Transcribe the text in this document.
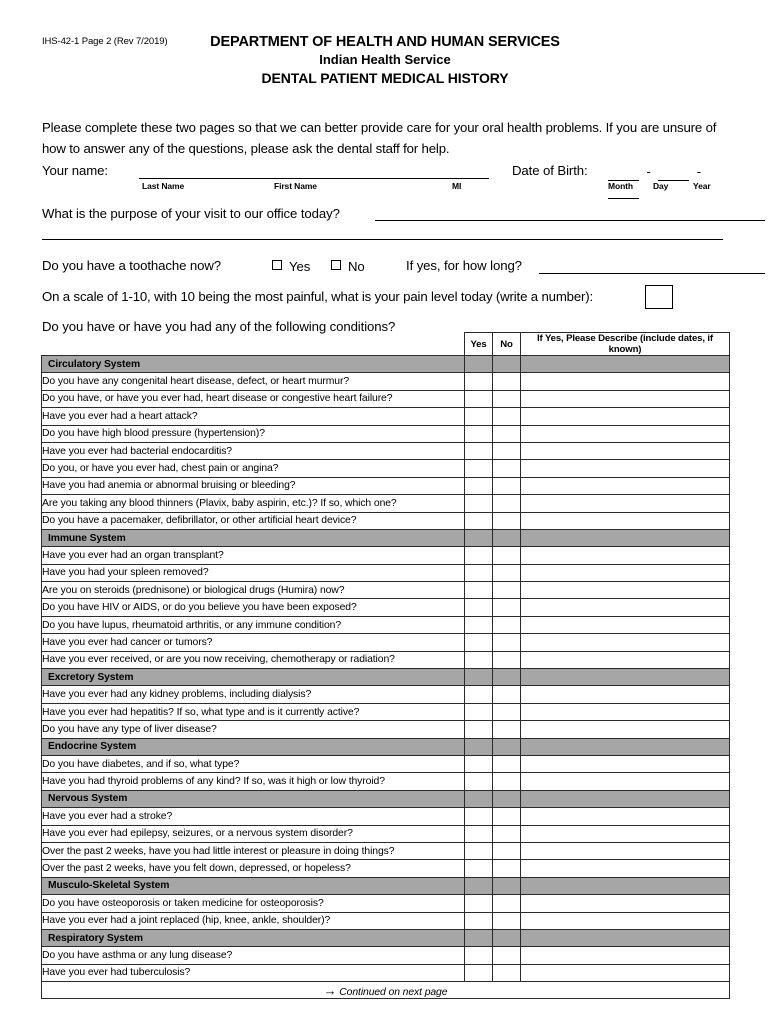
IHS-42-1 Page 2 (Rev 7/2019)	DEPARTMENT OF HEALTH AND HUMAN SERVICES
Indian Health Service
DENTAL PATIENT MEDICAL HISTORY
Please complete these two pages so that we can better provide care for your oral health problems. If you are unsure of how to answer any of the questions, please ask the dental staff for help.
Your name:
Last Name	First Name	MI
Date of Birth:	-	-
Month Day	Year
What is the purpose of your visit to our office today?
Do you have a toothache now?	Yes	No	If yes, for how long?
On a scale of 1-10, with 10 being the most painful, what is your pain level today (write a number):
Do you have or have you had any of the following conditions?
	Yes	No	If Yes, Please Describe (include dates, if known)
Circulatory System			
Do you have any congenital heart disease, defect, or heart murmur?			
Do you have, or have you ever had, heart disease or congestive heart failure?			
Have you ever had a heart attack?			
Do you have high blood pressure (hypertension)?			
Have you ever had bacterial endocarditis?			
Do you, or have you ever had, chest pain or angina?			
Have you had anemia or abnormal bruising or bleeding?			
Are you taking any blood thinners (Plavix, baby aspirin, etc.)? If so, which one?			
Do you have a pacemaker, defibrillator, or other artificial heart device?			
Immune System			
Have you ever had an organ transplant?			
Have you had your spleen removed?			
Are you on steroids (prednisone) or biological drugs (Humira) now?			
Do you have HIV or AIDS, or do you believe you have been exposed?			
Do you have lupus, rheumatoid arthritis, or any immune condition?			
Have you ever had cancer or tumors?			
Have you ever received, or are you now receiving, chemotherapy or radiation?			
Excretory System			
Have you ever had any kidney problems, including dialysis?			
Have you ever had hepatitis? If so, what type and is it currently active?			
Do you have any type of liver disease?			
Endocrine System			
Do you have diabetes, and if so, what type?			
Have you had thyroid problems of any kind? If so, was it high or low thyroid?			
Nervous System			
Have you ever had a stroke?			
Have you ever had epilepsy, seizures, or a nervous system disorder?			
Over the past 2 weeks, have you had little interest or pleasure in doing things?			
Over the past 2 weeks, have you felt down, depressed, or hopeless?			
Musculo-Skeletal System			
Do you have osteoporosis or taken medicine for osteoporosis?			
Have you ever had a joint replaced (hip, knee, ankle, shoulder)?			
Respiratory System			
Do you have asthma or any lung disease?			
Have you ever had tuberculosis?			
→ Continued on next page			
